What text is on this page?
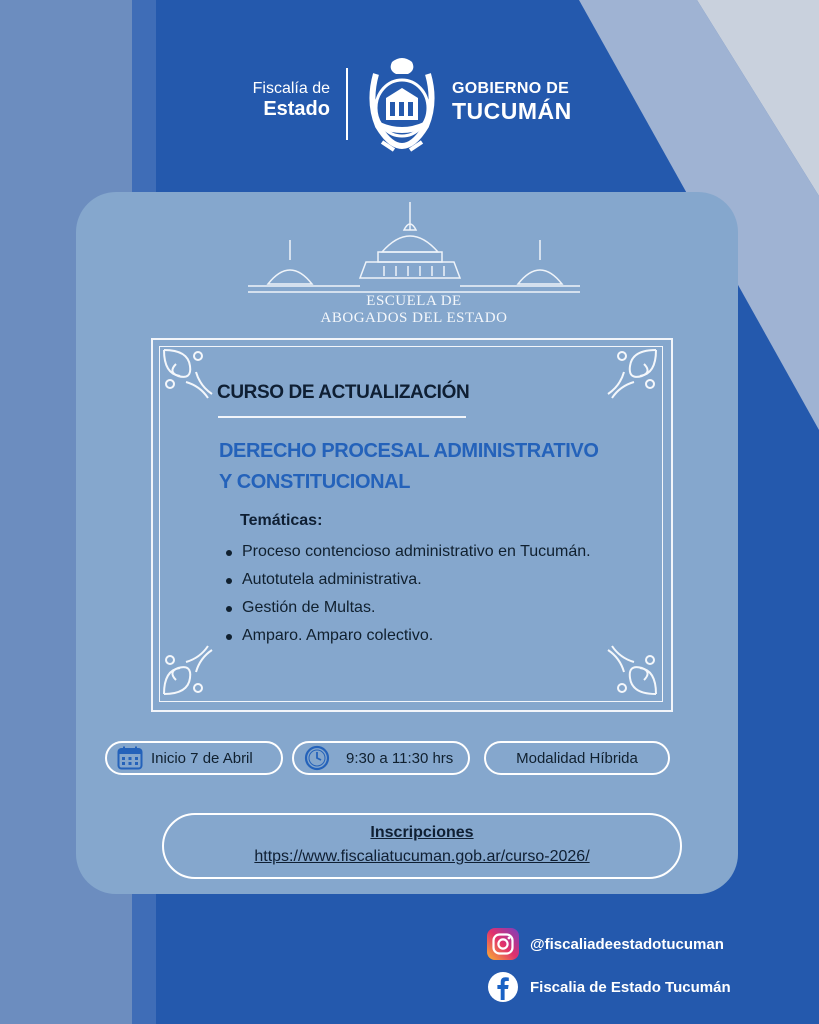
Fiscalía de
Estado
GOBIERNO DE
TUCUMÁN
ESCUELA DE
ABOGADOS DEL ESTADO
CURSO DE ACTUALIZACIÓN
DERECHO PROCESAL ADMINISTRATIVO
Y CONSTITUCIONAL
Temáticas:
Proceso contencioso administrativo en Tucumán.
Autotutela administrativa.
Gestión de Multas.
Amparo. Amparo colectivo.
Inicio 7 de Abril	9:30 a 11:30 hrs	Modalidad Híbrida
Inscripciones
https://www.fiscaliatucuman.gob.ar/curso-2026/
@fiscaliadeestadotucuman
Fiscalia de Estado Tucumán
